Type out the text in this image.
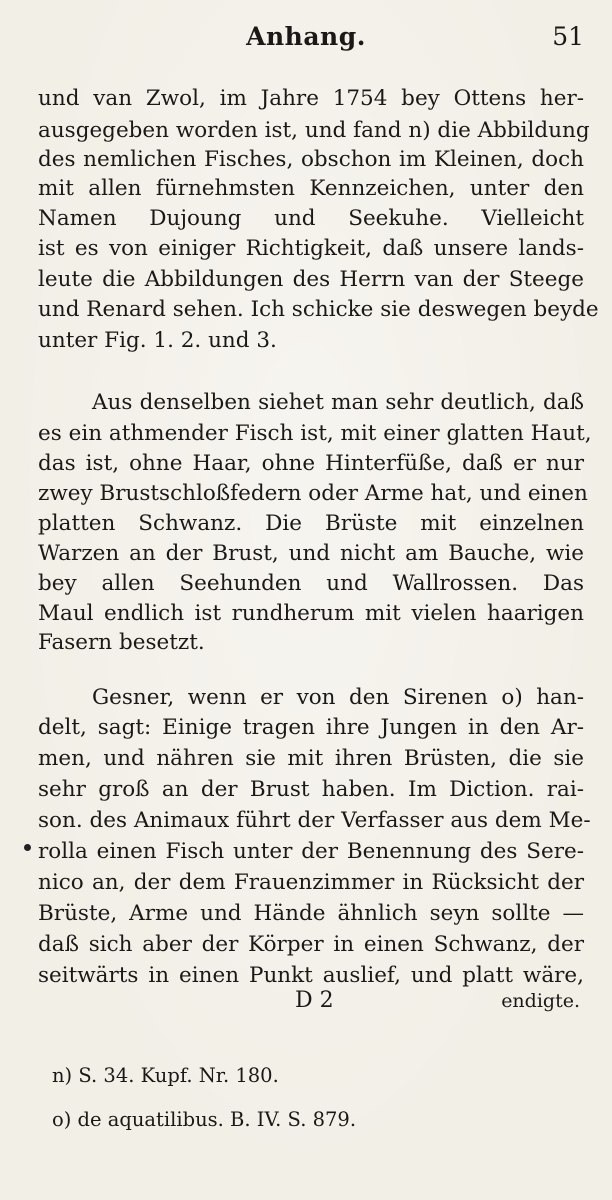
Anhang.	51
und van Zwol, im Jahre 1754 bey Ottens her-
ausgegeben worden ist, und fand n) die Abbildung
des nemlichen Fisches, obschon im Kleinen, doch
mit allen fürnehmsten Kennzeichen, unter den
Namen Dujoung und Seekuhe. Vielleicht
ist es von einiger Richtigkeit, daß unsere lands-
leute die Abbildungen des Herrn van der Steege
und Renard sehen. Ich schicke sie deswegen beyde
unter Fig. 1. 2. und 3.
Aus denselben siehet man sehr deutlich, daß
es ein athmender Fisch ist, mit einer glatten Haut,
das ist, ohne Haar, ohne Hinterfüße, daß er nur
zwey Brustschloßfedern oder Arme hat, und einen
platten Schwanz. Die Brüste mit einzelnen
Warzen an der Brust, und nicht am Bauche, wie
bey allen Seehunden und Wallrossen. Das
Maul endlich ist rundherum mit vielen haarigen
Fasern besetzt.
Gesner, wenn er von den Sirenen o) han-
delt, sagt: Einige tragen ihre Jungen in den Ar-
men, und nähren sie mit ihren Brüsten, die sie
sehr groß an der Brust haben. Im Diction. rai-
son. des Animaux führt der Verfasser aus dem Me-
rolla einen Fisch unter der Benennung des Sere-
nico an, der dem Frauenzimmer in Rücksicht der
Brüste, Arme und Hände ähnlich seyn sollte —
daß sich aber der Körper in einen Schwanz, der
seitwärts in einen Punkt auslief, und platt wäre,
D 2	endigte.
n) S. 34. Kupf. Nr. 180.
o) de aquatilibus. B. IV. S. 879.
